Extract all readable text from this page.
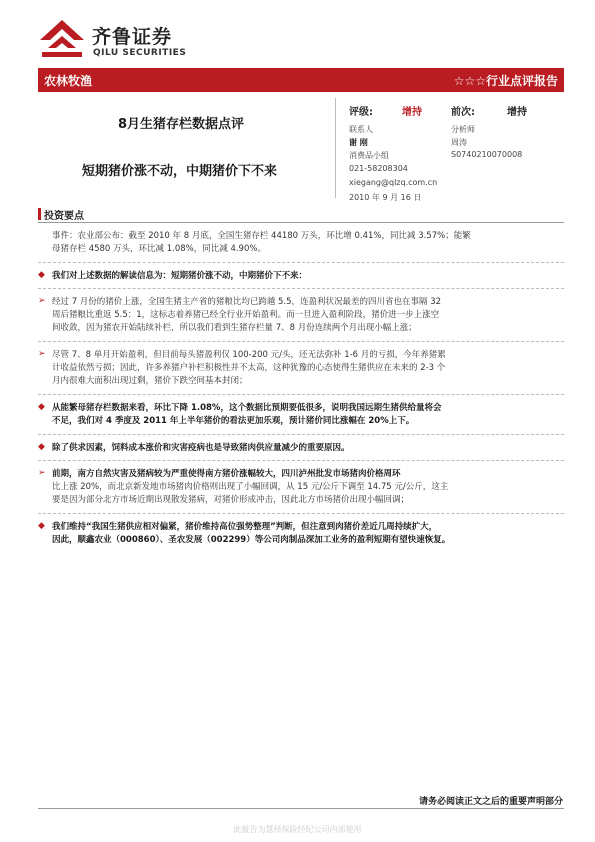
齐鲁证券
QILU SECURITIES
农林牧渔	☆☆☆行业点评报告
8月生猪存栏数据点评
短期猪价涨不动，中期猪价下不来
评级:	增持	前次:	增持
联系人	分析师
谢 刚	周涛
消费品小组	S0740210070008
021-58208304
xiegang@qlzq.com.cn
2010 年 9 月 16 日
投资要点
事件：农业部公布：截至 2010 年 8 月底，全国生猪存栏 44180 万头，环比增 0.41%，同比减 3.57%；能繁
母猪存栏 4580 万头，环比减 1.08%，同比减 4.90%。
◆ 我们对上述数据的解读信息为：短期猪价涨不动，中期猪价下不来：
➢ 经过 7 月份的猪价上涨，全国生猪主产省的猪粮比均已跨越 5.5，连盈利状况最差的四川省也在事隔 32
周后猪粮比重返 5.5：1，这标志着养猪已经全行业开始盈利。而一旦进入盈利阶段，猪价进一步上涨空
间收敛，因为猪农开始陆续补栏，所以我们看到生猪存栏量 7、8 月份连续两个月出现小幅上涨；
➢ 尽管 7、8 单月开始盈利，但目前每头猪盈利仅 100-200 元/头，还无法弥补 1-6 月的亏损，今年养猪累
计收益依然亏损；因此，许多养猪户补栏积极性并不太高，这种犹豫的心态使得生猪供应在未来的 2-3 个
月内很难大面积出现过剩，猪价下跌空间基本封闭；
◆ 从能繁母猪存栏数据来看，环比下降 1.08%，这个数据比预期要低很多，说明我国远期生猪供给量将会
不足，我们对 4 季度及 2011 年上半年猪价的看法更加乐观，预计猪价同比涨幅在 20%上下。
◆ 除了供求因素，饲料成本涨价和灾害疫病也是导致猪肉供应量减少的重要原因。
➢ 前期，南方自然灾害及猪病较为严重使得南方猪价涨幅较大，四川泸州批发市场猪肉价格周环
比上涨 20%，而北京新发地市场猪肉价格则出现了小幅回调，从 15 元/公斤下调至 14.75 元/公斤，这主
要是因为部分北方市场近期出现散发猪病，对猪价形成冲击，因此北方市场猪价出现小幅回调；
◆ 我们维持“我国生猪供应相对偏紧，猪价维持高位强势整理”判断，但注意到肉猪价差近几周持续扩大，
因此，顺鑫农业（000860）、圣农发展（002299）等公司肉制品深加工业务的盈利短期有望快速恢复。
请务必阅读正文之后的重要声明部分
此报告为慧择保险经纪公司内部使用
